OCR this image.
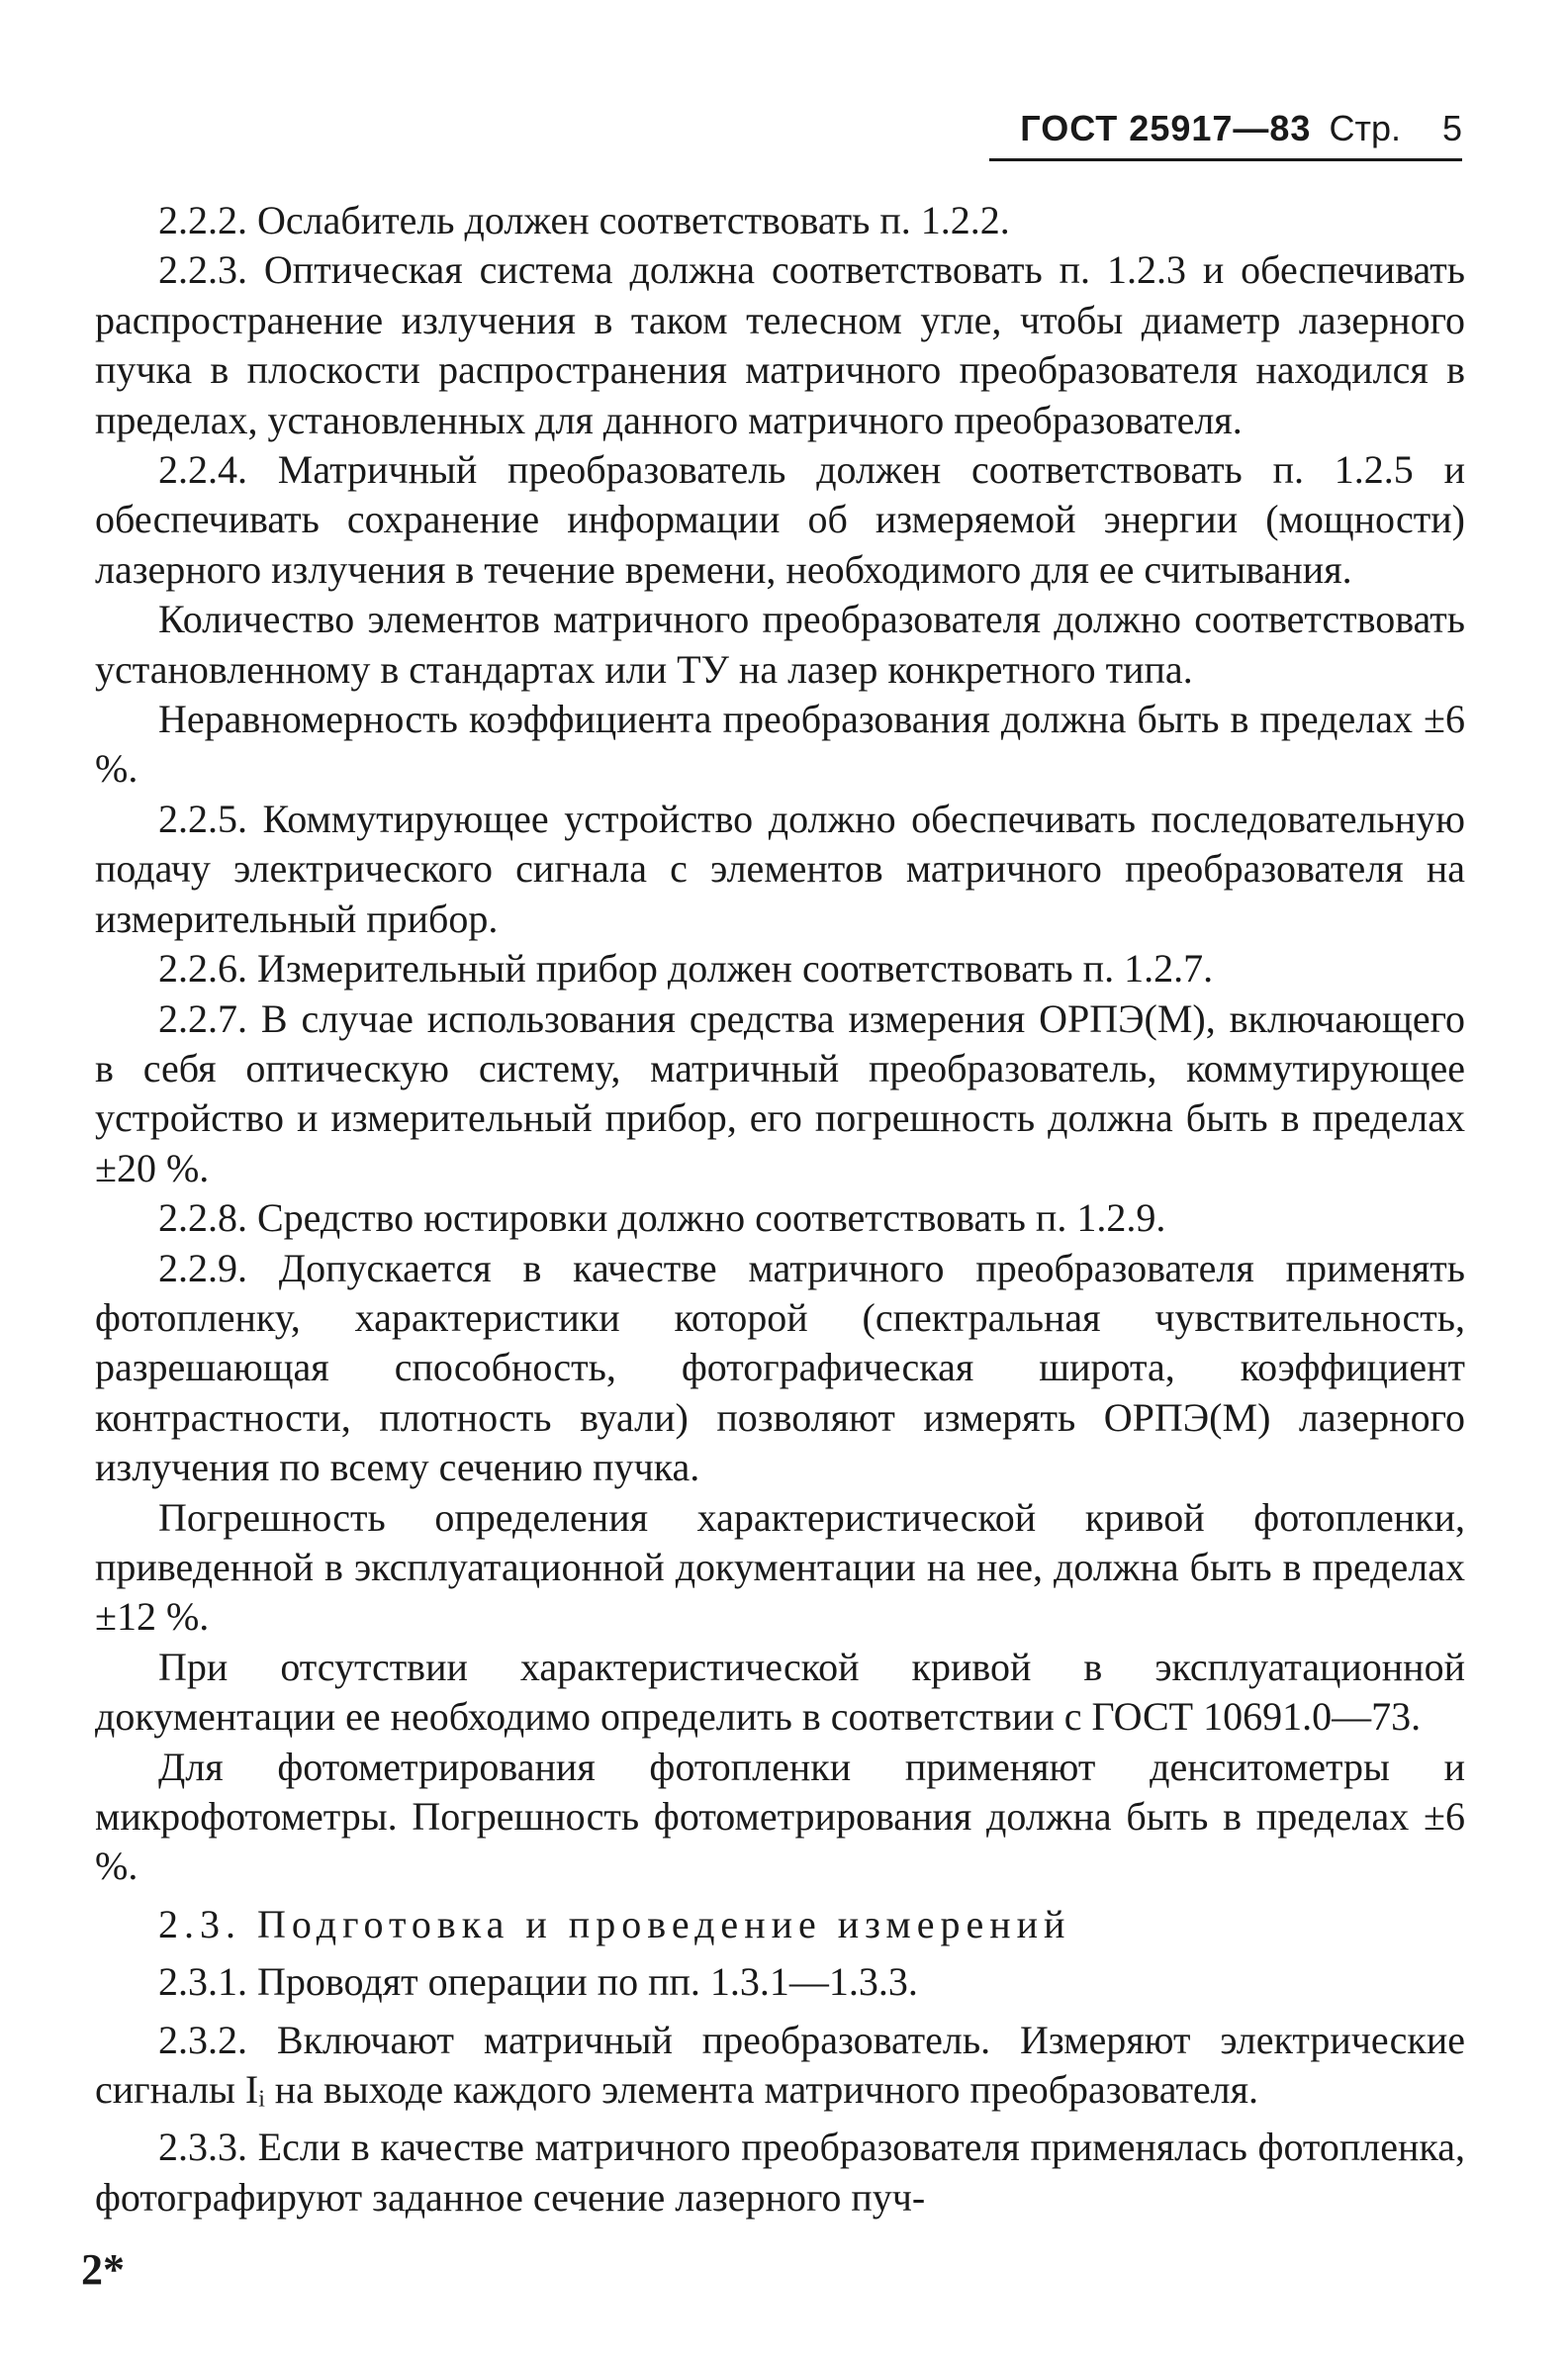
ГОСТ 25917—83 Стр. 5

2.2.2. Ослабитель должен соответствовать п. 1.2.2.

2.2.3. Оптическая система должна соответствовать п. 1.2.3 и обеспечивать распространение излучения в таком телесном угле, чтобы диаметр лазерного пучка в плоскости распространения матричного преобразователя находился в пределах, установленных для данного матричного преобразователя.

2.2.4. Матричный преобразователь должен соответствовать п. 1.2.5 и обеспечивать сохранение информации об измеряемой энергии (мощности) лазерного излучения в течение времени, необходимого для ее считывания.

Количество элементов матричного преобразователя должно соответствовать установленному в стандартах или ТУ на лазер конкретного типа.

Неравномерность коэффициента преобразования должна быть в пределах ±6 %.

2.2.5. Коммутирующее устройство должно обеспечивать последовательную подачу электрического сигнала с элементов матричного преобразователя на измерительный прибор.

2.2.6. Измерительный прибор должен соответствовать п. 1.2.7.

2.2.7. В случае использования средства измерения ОРПЭ(М), включающего в себя оптическую систему, матричный преобразователь, коммутирующее устройство и измерительный прибор, его погрешность должна быть в пределах ±20 %.

2.2.8. Средство юстировки должно соответствовать п. 1.2.9.

2.2.9. Допускается в качестве матричного преобразователя применять фотопленку, характеристики которой (спектральная чувствительность, разрешающая способность, фотографическая широта, коэффициент контрастности, плотность вуали) позволяют измерять ОРПЭ(М) лазерного излучения по всему сечению пучка.

Погрешность определения характеристической кривой фотопленки, приведенной в эксплуатационной документации на нее, должна быть в пределах ±12 %.

При отсутствии характеристической кривой в эксплуатационной документации ее необходимо определить в соответствии с ГОСТ 10691.0—73.

Для фотометрирования фотопленки применяют денситометры и микрофотометры. Погрешность фотометрирования должна быть в пределах ±6 %.

2.3. Подготовка и проведение измерений

2.3.1. Проводят операции по пп. 1.3.1—1.3.3.

2.3.2. Включают матричный преобразователь. Измеряют электрические сигналы Iᵢ на выходе каждого элемента матричного преобразователя.

2.3.3. Если в качестве матричного преобразователя применялась фотопленка, фотографируют заданное сечение лазерного пуч-

2*
